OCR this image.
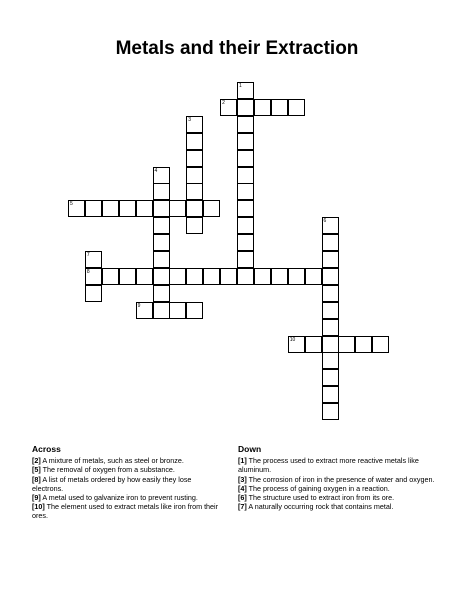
Metals and their Extraction
1
2
3
4
5
6
7
8
9
10
Across

[2] A mixture of metals, such as steel or bronze.

[5] The removal of oxygen from a substance.

[8] A list of metals ordered by how easily they lose electrons.

[9] A metal used to galvanize iron to prevent rusting.

[10] The element used to extract metals like iron from their ores.

Down

[1] The process used to extract more reactive metals like aluminum.

[3] The corrosion of iron in the presence of water and oxygen.

[4] The process of gaining oxygen in a reaction.

[6] The structure used to extract iron from its ore.

[7] A naturally occurring rock that contains metal.
